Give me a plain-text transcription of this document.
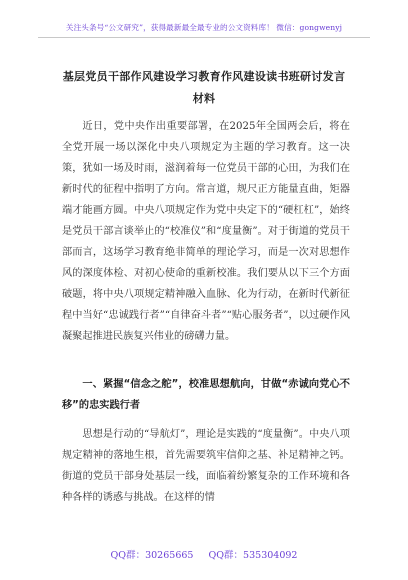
关注头条号“公文研究”，获得最新最全最专业的公文资料库！ 微信：gongwenyj
基层党员干部作风建设学习教育作风建设读书班研讨发言
材料

近日，党中央作出重要部署，在2025年全国两会后，将在全党开展一场以深化中央八项规定为主题的学习教育。这一决策，犹如一场及时雨，滋润着每一位党员干部的心田，为我们在新时代的征程中指明了方向。常言道，规尺正方能量直曲，矩器端才能画方圆。中央八项规定作为党中央定下的“硬杠杠”，始终是党员干部言谈举止的“校准仪”和“度量衡”。对于街道的党员干部而言，这场学习教育绝非简单的理论学习，而是一次对思想作风的深度体检、对初心使命的重新校准。我们要从以下三个方面破题，将中央八项规定精神融入血脉、化为行动，在新时代新征程中当好“忠诚践行者”“自律奋斗者”“贴心服务者”，以过硬作风凝聚起推进民族复兴伟业的磅礴力量。

一、紧握“信念之舵”，校准思想航向，甘做“赤诚向党心不移”的忠实践行者

思想是行动的“导航灯”，理论是实践的“度量衡”。中央八项规定精神的落地生根，首先需要筑牢信仰之基、补足精神之钙。街道的党员干部身处基层一线，面临着纷繁复杂的工作环境和各种各样的诱惑与挑战。在这样的情

QQ群：30265665 QQ群：535304092
